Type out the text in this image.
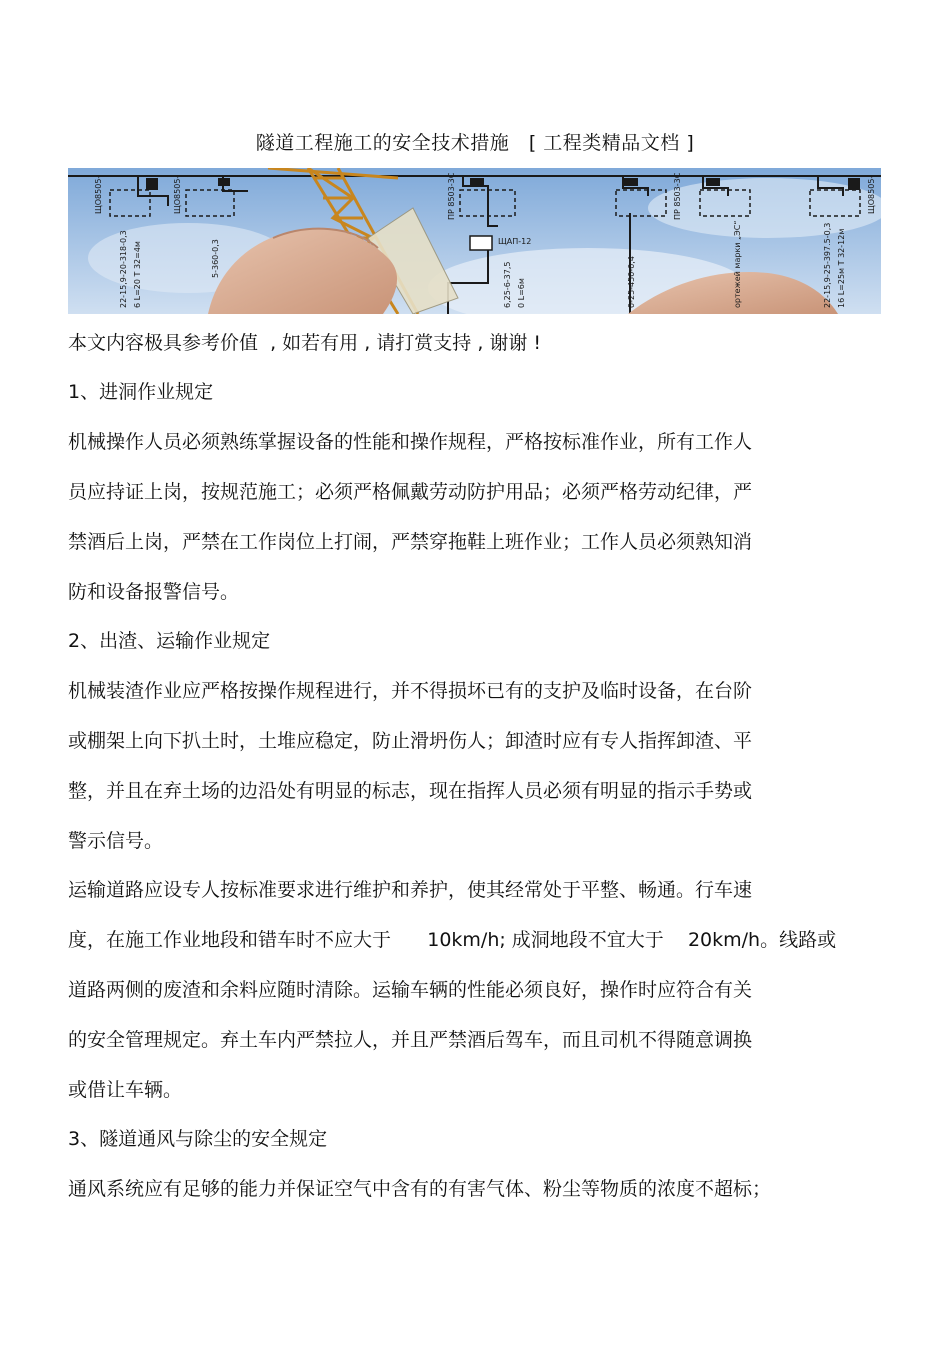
隧道工程施工的安全技术措施   [ 工程类精品文档 ]
ЩО8505-	ЩО8505-	ПР 8503-3С	ПР 8503-3С
ЩАП-12
ЩО8505-
22-15,9-20-318-0,3 6 L=20 T 32=4м	5-360-0,3	0-25-450-0,4	ортежей марки „ЭС“	22-15,9-25-397.5-0,3 16 L=25м Т 32-12м
6,25-6-37,5 0 L=6м
本文内容极具参考价值  , 如若有用 , 请打赏支持 , 谢谢 !
1、进洞作业规定
机械操作人员必须熟练掌握设备的性能和操作规程，严格按标准作业，所有工作人
员应持证上岗，按规范施工；必须严格佩戴劳动防护用品；必须严格劳动纪律，严
禁酒后上岗，严禁在工作岗位上打闹，严禁穿拖鞋上班作业；工作人员必须熟知消
防和设备报警信号。
2、出渣、运输作业规定
机械装渣作业应严格按操作规程进行，并不得损坏已有的支护及临时设备，在台阶
或棚架上向下扒土时，土堆应稳定，防止滑坍伤人；卸渣时应有专人指挥卸渣、平
整，并且在弃土场的边沿处有明显的标志，现在指挥人员必须有明显的指示手势或
警示信号。
运输道路应设专人按标准要求进行维护和养护，使其经常处于平整、畅通。行车速
度，在施工作业地段和错车时不应大于      10km/h; 成洞地段不宜大于    20km/h。线路或
道路两侧的废渣和余料应随时清除。运输车辆的性能必须良好，操作时应符合有关
的安全管理规定。弃土车内严禁拉人，并且严禁酒后驾车，而且司机不得随意调换
或借让车辆。
3、隧道通风与除尘的安全规定
通风系统应有足够的能力并保证空气中含有的有害气体、粉尘等物质的浓度不超标；
